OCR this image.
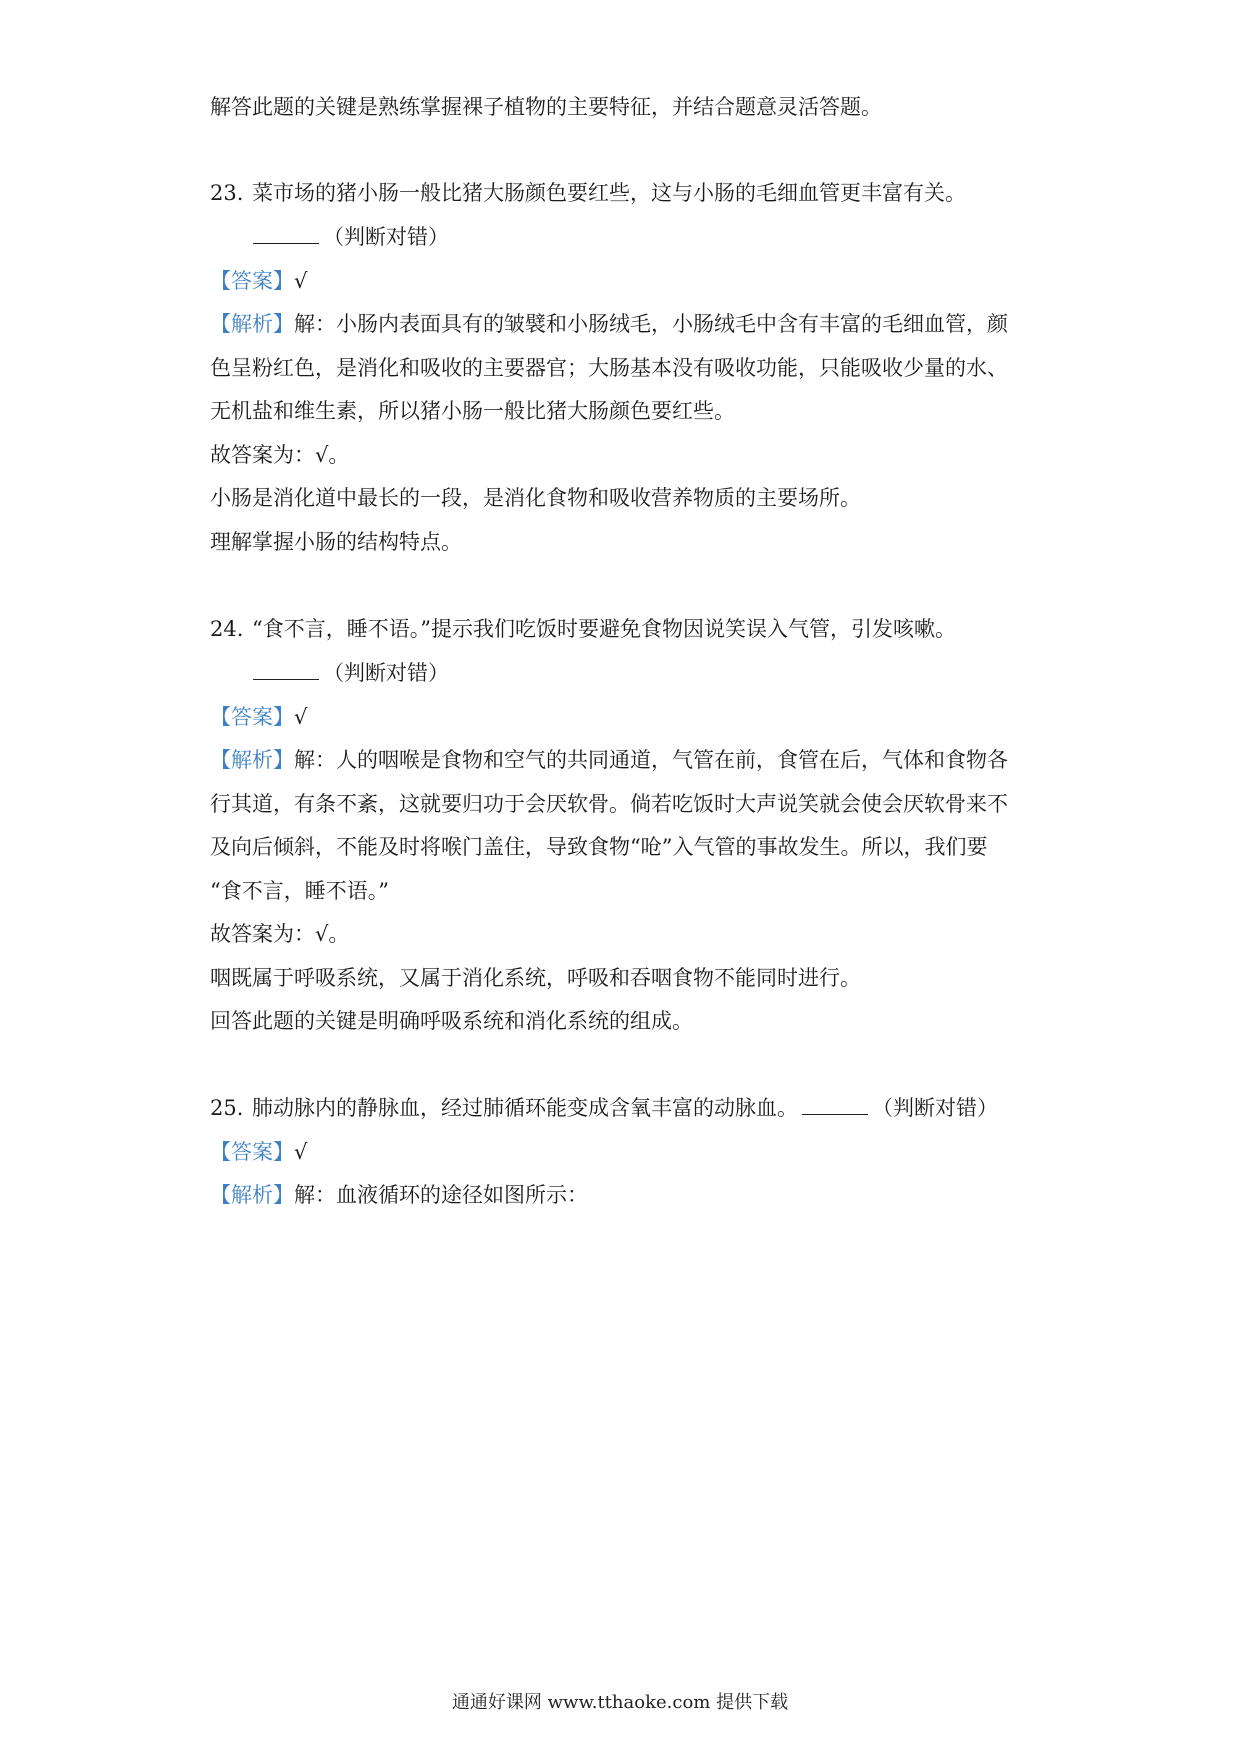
解答此题的关键是熟练掌握裸子植物的主要特征，并结合题意灵活答题。
23. 菜市场的猪小肠一般比猪大肠颜色要红些，这与小肠的毛细血管更丰富有关。
（判断对错）
【答案】√
【解析】解：小肠内表面具有的皱襞和小肠绒毛，小肠绒毛中含有丰富的毛细血管，颜
色呈粉红色，是消化和吸收的主要器官；大肠基本没有吸收功能，只能吸收少量的水、
无机盐和维生素，所以猪小肠一般比猪大肠颜色要红些。
故答案为：√。
小肠是消化道中最长的一段，是消化食物和吸收营养物质的主要场所。
理解掌握小肠的结构特点。
24. “食不言，睡不语。”提示我们吃饭时要避免食物因说笑误入气管，引发咳嗽。
（判断对错）
【答案】√
【解析】解：人的咽喉是食物和空气的共同通道，气管在前，食管在后，气体和食物各
行其道，有条不紊，这就要归功于会厌软骨。倘若吃饭时大声说笑就会使会厌软骨来不
及向后倾斜，不能及时将喉门盖住，导致食物“呛”入气管的事故发生。所以，我们要
“食不言，睡不语。”
故答案为：√。
咽既属于呼吸系统，又属于消化系统，呼吸和吞咽食物不能同时进行。
回答此题的关键是明确呼吸系统和消化系统的组成。
25. 肺动脉内的静脉血，经过肺循环能变成含氧丰富的动脉血。	（判断对错）
【答案】√
【解析】解：血液循环的途径如图所示：
通通好课网 www.tthaoke.com 提供下载
